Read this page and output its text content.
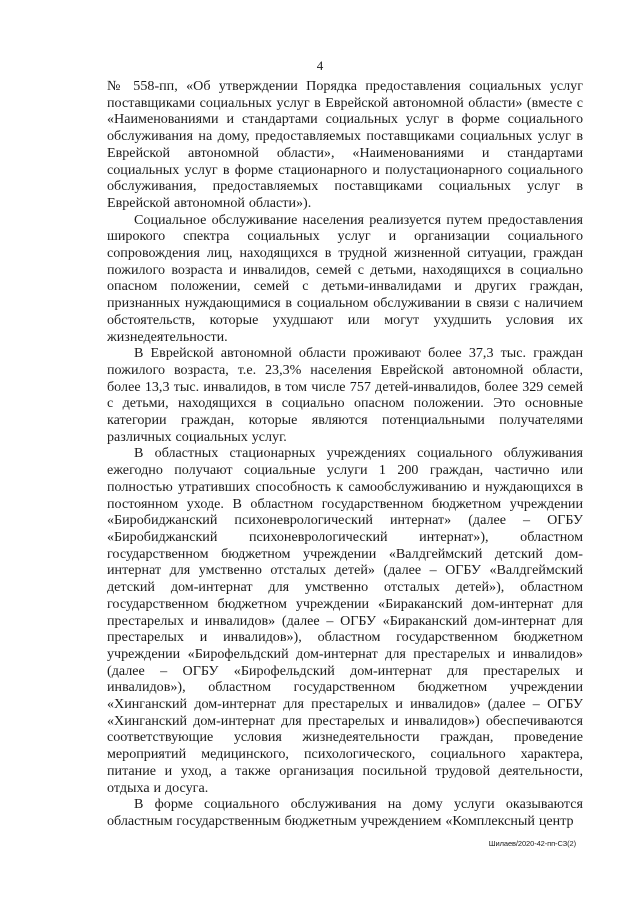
4

№ 558-пп, «Об утверждении Порядка предоставления социальных услуг поставщиками социальных услуг в Еврейской автономной области» (вместе с «Наименованиями и стандартами социальных услуг в форме социального обслуживания на дому, предоставляемых поставщиками социальных услуг в Еврейской автономной области», «Наименованиями и стандартами социальных услуг в форме стационарного и полустационарного социального обслуживания, предоставляемых поставщиками социальных услуг в Еврейской автономной области»).

Социальное обслуживание населения реализуется путем предоставления широкого спектра социальных услуг и организации социального сопровождения лиц, находящихся в трудной жизненной ситуации, граждан пожилого возраста и инвалидов, семей с детьми, находящихся в социально опасном положении, семей с детьми-инвалидами и других граждан, признанных нуждающимися в социальном обслуживании в связи с наличием обстоятельств, которые ухудшают или могут ухудшить условия их жизнедеятельности.

В Еврейской автономной области проживают более 37,3 тыс. граждан пожилого возраста, т.е. 23,3% населения Еврейской автономной области, более 13,3 тыс. инвалидов, в том числе 757 детей-инвалидов, более 329 семей с детьми, находящихся в социально опасном положении. Это основные категории граждан, которые являются потенциальными получателями различных социальных услуг.

В областных стационарных учреждениях социального облуживания ежегодно получают социальные услуги 1 200 граждан, частично или полностью утративших способность к самообслуживанию и нуждающихся в постоянном уходе. В областном государственном бюджетном учреждении «Биробиджанский психоневрологический интернат» (далее – ОГБУ «Биробиджанский психоневрологический интернат»), областном государственном бюджетном учреждении «Валдгеймский детский дом-интернат для умственно отсталых детей» (далее – ОГБУ «Валдгеймский детский дом-интернат для умственно отсталых детей»), областном государственном бюджетном учреждении «Бираканский дом-интернат для престарелых и инвалидов» (далее – ОГБУ «Бираканский дом-интернат для престарелых и инвалидов»), областном государственном бюджетном учреждении «Бирофельдский дом-интернат для престарелых и инвалидов» (далее – ОГБУ «Бирофельдский дом-интернат для престарелых и инвалидов»), областном государственном бюджетном учреждении «Хинганский дом-интернат для престарелых и инвалидов» (далее – ОГБУ «Хинганский дом-интернат для престарелых и инвалидов») обеспечиваются соответствующие условия жизнедеятельности граждан, проведение мероприятий медицинского, психологического, социального характера, питание и уход, а также организация посильной трудовой деятельности, отдыха и досуга.

В форме социального обслуживания на дому услуги оказываются областным государственным бюджетным учреждением «Комплексный центр

Шилаев/2020-42-пп-СЗ(2)
